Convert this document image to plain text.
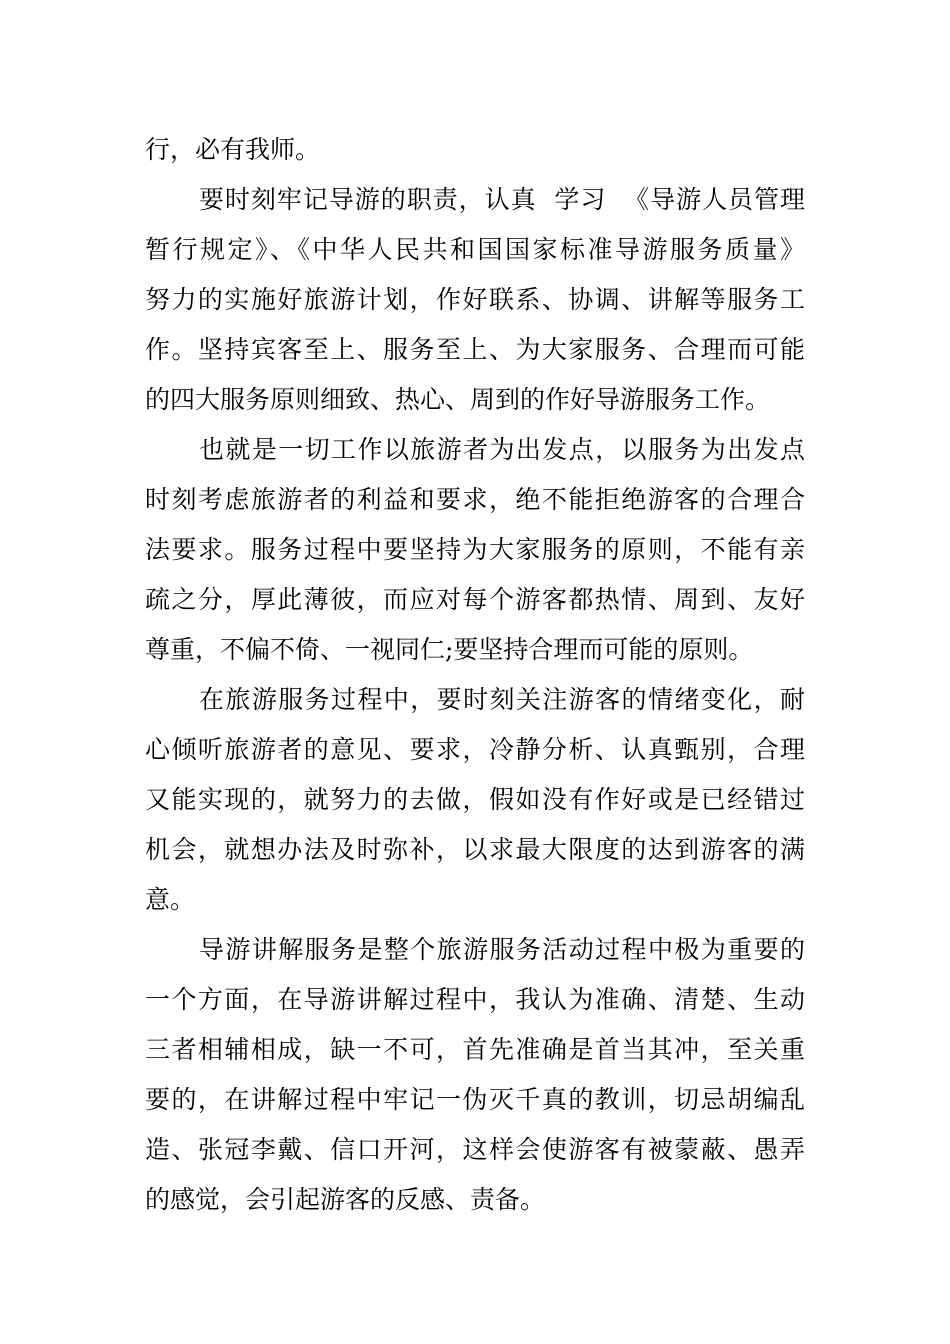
行，必有我师。
要时刻牢记导游的职责，认真  学习  《导游人员管理
暂行规定》、《中华人民共和国国家标准导游服务质量》
努力的实施好旅游计划，作好联系、协调、讲解等服务工
作。坚持宾客至上、服务至上、为大家服务、合理而可能
的四大服务原则细致、热心、周到的作好导游服务工作。
也就是一切工作以旅游者为出发点，以服务为出发点
时刻考虑旅游者的利益和要求，绝不能拒绝游客的合理合
法要求。服务过程中要坚持为大家服务的原则，不能有亲
疏之分，厚此薄彼，而应对每个游客都热情、周到、友好
尊重，不偏不倚、一视同仁;要坚持合理而可能的原则。
在旅游服务过程中，要时刻关注游客的情绪变化，耐
心倾听旅游者的意见、要求，冷静分析、认真甄别，合理
又能实现的，就努力的去做，假如没有作好或是已经错过
机会，就想办法及时弥补，以求最大限度的达到游客的满
意。
导游讲解服务是整个旅游服务活动过程中极为重要的
一个方面，在导游讲解过程中，我认为准确、清楚、生动
三者相辅相成，缺一不可，首先准确是首当其冲，至关重
要的，在讲解过程中牢记一伪灭千真的教训，切忌胡编乱
造、张冠李戴、信口开河，这样会使游客有被蒙蔽、愚弄
的感觉，会引起游客的反感、责备。
